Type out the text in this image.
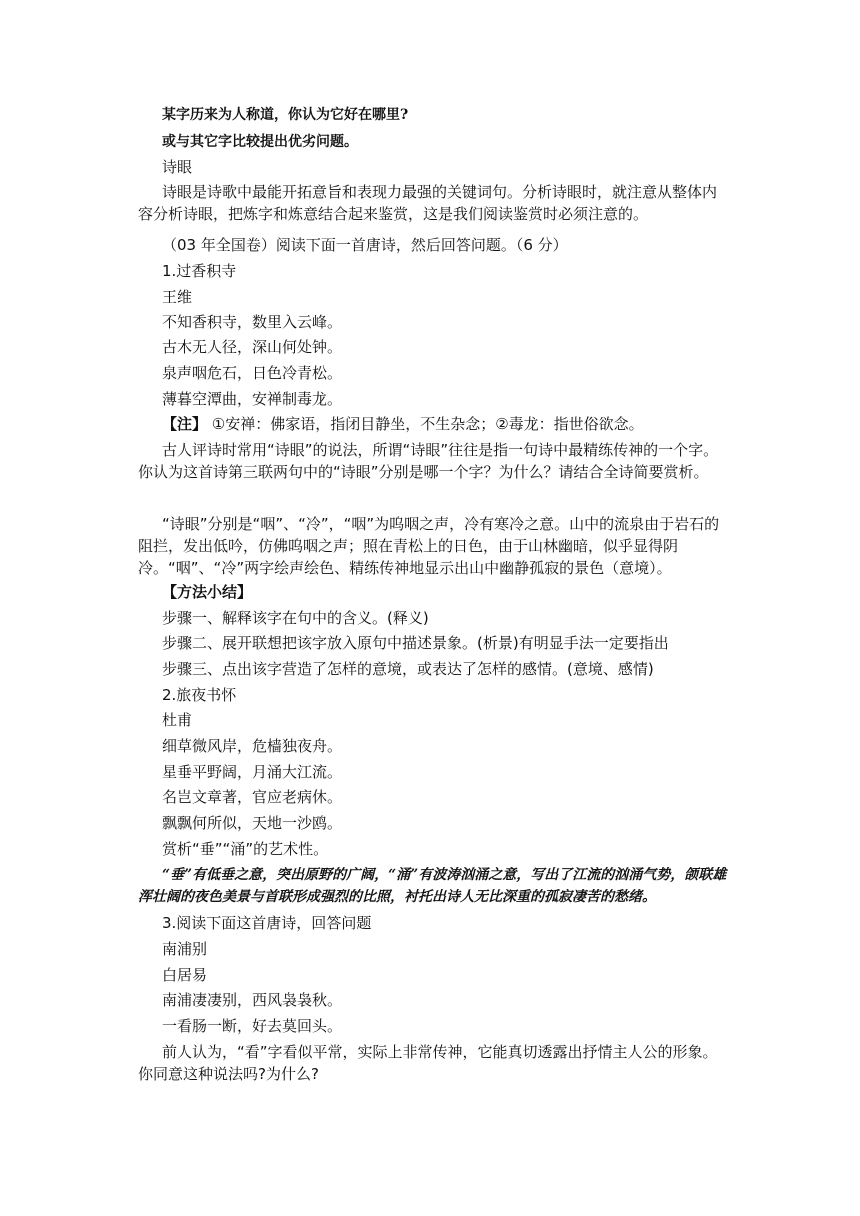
某字历来为人称道，你认为它好在哪里?
或与其它字比较提出优劣问题。
诗眼
诗眼是诗歌中最能开拓意旨和表现力最强的关键词句。分析诗眼时，就注意从整体内容分析诗眼，把炼字和炼意结合起来鉴赏，这是我们阅读鉴赏时必须注意的。
（03 年全国卷）阅读下面一首唐诗，然后回答问题。（6 分）
1.过香积寺
王维
不知香积寺，数里入云峰。
古木无人径，深山何处钟。
泉声咽危石，日色冷青松。
薄暮空潭曲，安禅制毒龙。
【注】 ①安禅：佛家语，指闭目静坐，不生杂念；②毒龙：指世俗欲念。
古人评诗时常用“诗眼”的说法，所谓“诗眼”往往是指一句诗中最精练传神的一个字。你认为这首诗第三联两句中的“诗眼”分别是哪一个字？为什么？请结合全诗简要赏析。
“诗眼”分别是“咽”、“冷”，“咽”为呜咽之声，冷有寒冷之意。山中的流泉由于岩石的阻拦，发出低吟，仿佛呜咽之声；照在青松上的日色，由于山林幽暗，似乎显得阴冷。“咽”、“冷”两字绘声绘色、精练传神地显示出山中幽静孤寂的景色（意境）。
【方法小结】
步骤一、解释该字在句中的含义。(释义)
步骤二、展开联想把该字放入原句中描述景象。(析景)有明显手法一定要指出
步骤三、点出该字营造了怎样的意境，或表达了怎样的感情。(意境、感情)
2.旅夜书怀
杜甫
细草微风岸，危樯独夜舟。
星垂平野阔，月涌大江流。
名岂文章著，官应老病休。
飘飘何所似，天地一沙鸥。
赏析“垂”“涌”的艺术性。
“垂”有低垂之意，突出原野的广阔，“涌”有波涛汹涌之意，写出了江流的汹涌气势，颌联雄浑壮阔的夜色美景与首联形成强烈的比照，衬托出诗人无比深重的孤寂凄苦的愁绪。
3.阅读下面这首唐诗，回答问题
南浦别
白居易
南浦凄凄别，西风袅袅秋。
一看肠一断，好去莫回头。
前人认为，“看”字看似平常，实际上非常传神，它能真切透露出抒情主人公的形象。你同意这种说法吗?为什么?
